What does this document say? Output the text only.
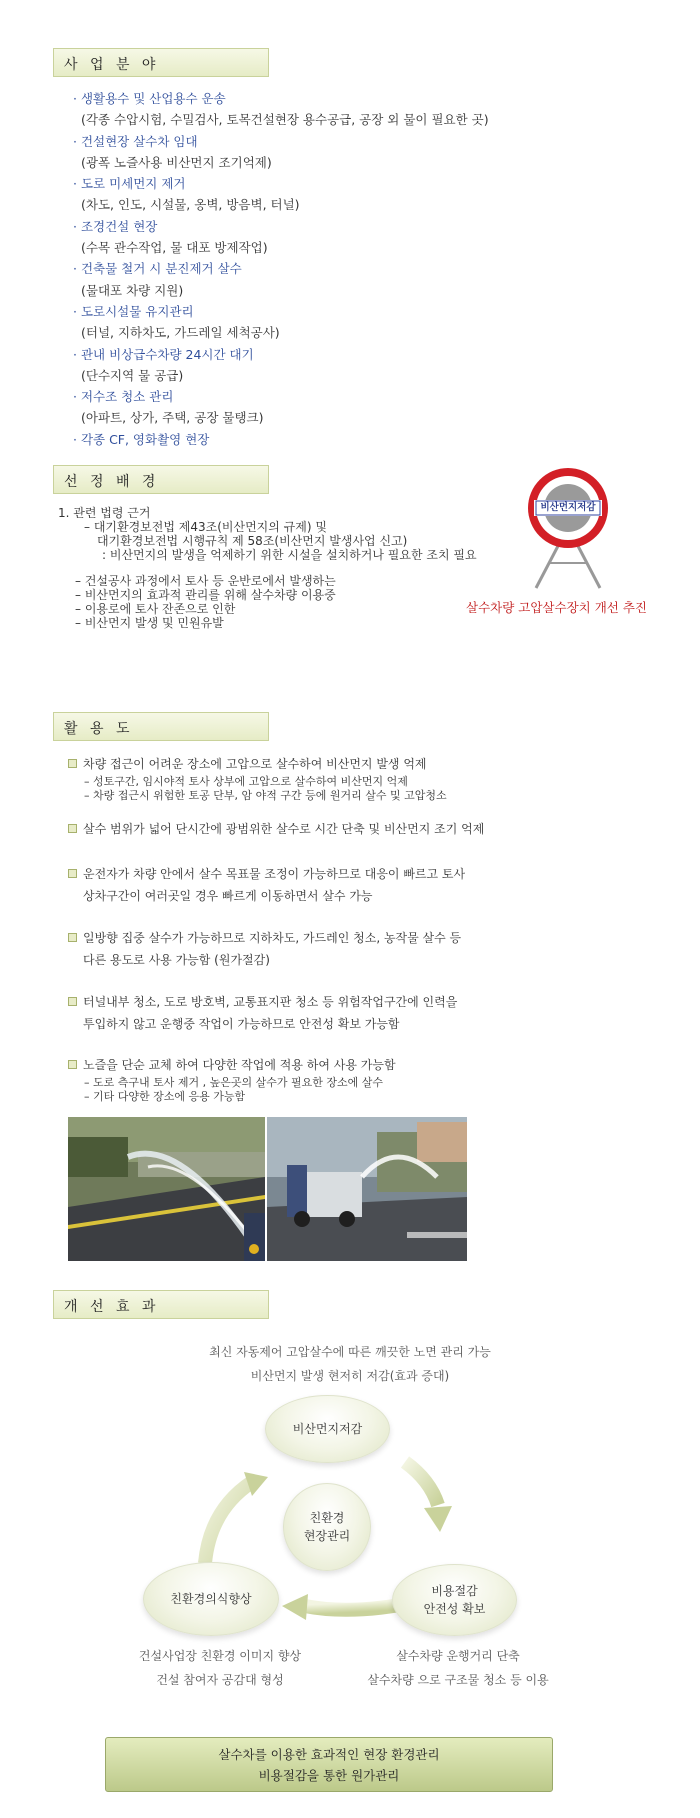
사 업 분 야
선 정 배 경
활 용 도
개 선 효 과
· 생활용수 및 산업용수 운송
(각종 수압시험, 수밀검사, 토목건설현장 용수공급, 공장 외 물이 필요한 곳)
· 건설현장 살수차 임대
(광폭 노즐사용 비산먼지 조기억제)
· 도로 미세먼지 제거
(차도, 인도, 시설물, 옹벽, 방음벽, 터널)
· 조경건설 현장
(수목 관수작업, 물 대포 방제작업)
· 건축물 철거 시 분진제거 살수
(물대포 차량 지원)
· 도로시설물 유지관리
(터널, 지하차도, 가드레일 세척공사)
· 관내 비상급수차량 24시간 대기
(단수지역 물 공급)
· 저수조 청소 관리
(아파트, 상가, 주택, 공장 물탱크)
· 각종 CF, 영화촬영 현장
1. 관련 법령 근거
– 대기환경보전법 제43조(비산먼지의 규제) 및
대기환경보전법 시행규칙 제 58조(비산먼지 발생사업 신고)
: 비산먼지의 발생을 억제하기 위한 시설을 설치하거나 필요한 조치 필요
– 건설공사 과정에서 토사 등 운반로에서 발생하는
– 비산먼지의 효과적 관리를 위해 살수차량 이용중
– 이용로에 토사 잔존으로 인한
– 비산먼지 발생 및 민원유발
비산먼지저감
살수차량 고압살수장치 개선 추진
차량 접근이 어려운 장소에 고압으로 살수하여 비산먼지 발생 억제
– 성토구간, 임시야적 토사 상부에 고압으로 살수하여 비산먼지 억제
– 차량 접근시 위험한 토공 단부, 암 야적 구간 등에 원거리 살수 및 고압청소
살수 범위가 넓어 단시간에 광범위한 살수로 시간 단축 및 비산먼지 조기 억제
운전자가 차량 안에서 살수 목표물 조정이 가능하므로 대응이 빠르고 토사
상차구간이 여러곳일 경우 빠르게 이동하면서 살수 가능
일방향 집중 살수가 가능하므로 지하차도, 가드레인 청소, 농작물 살수 등
다른 용도로 사용 가능함 (원가절감)
터널내부 청소, 도로 방호벽, 교통표지판 청소 등 위험작업구간에 인력을
투입하지 않고 운행중 작업이 가능하므로 안전성 확보 가능함
노즐을 단순 교체 하여 다양한 작업에 적용 하여 사용 가능함
– 도로 측구내 토사 제거 , 높은곳의 살수가 필요한 장소에 살수
– 기타 다양한 장소에 응용 가능함
최신 자동제어 고압살수에 따른 깨끗한 노면 관리 가능
비산먼지 발생 현저히 저감(효과 증대)
비산먼지저감
친환경
현장관리
비용절감
안전성 확보
친환경의식향상
건설사업장 친환경 이미지 향상
건설 참여자 공감대 형성
살수차량 운행거리 단축
살수차량 으로 구조물 청소 등 이용
살수차를 이용한 효과적인 현장 환경관리
비용절감을 통한 원가관리
